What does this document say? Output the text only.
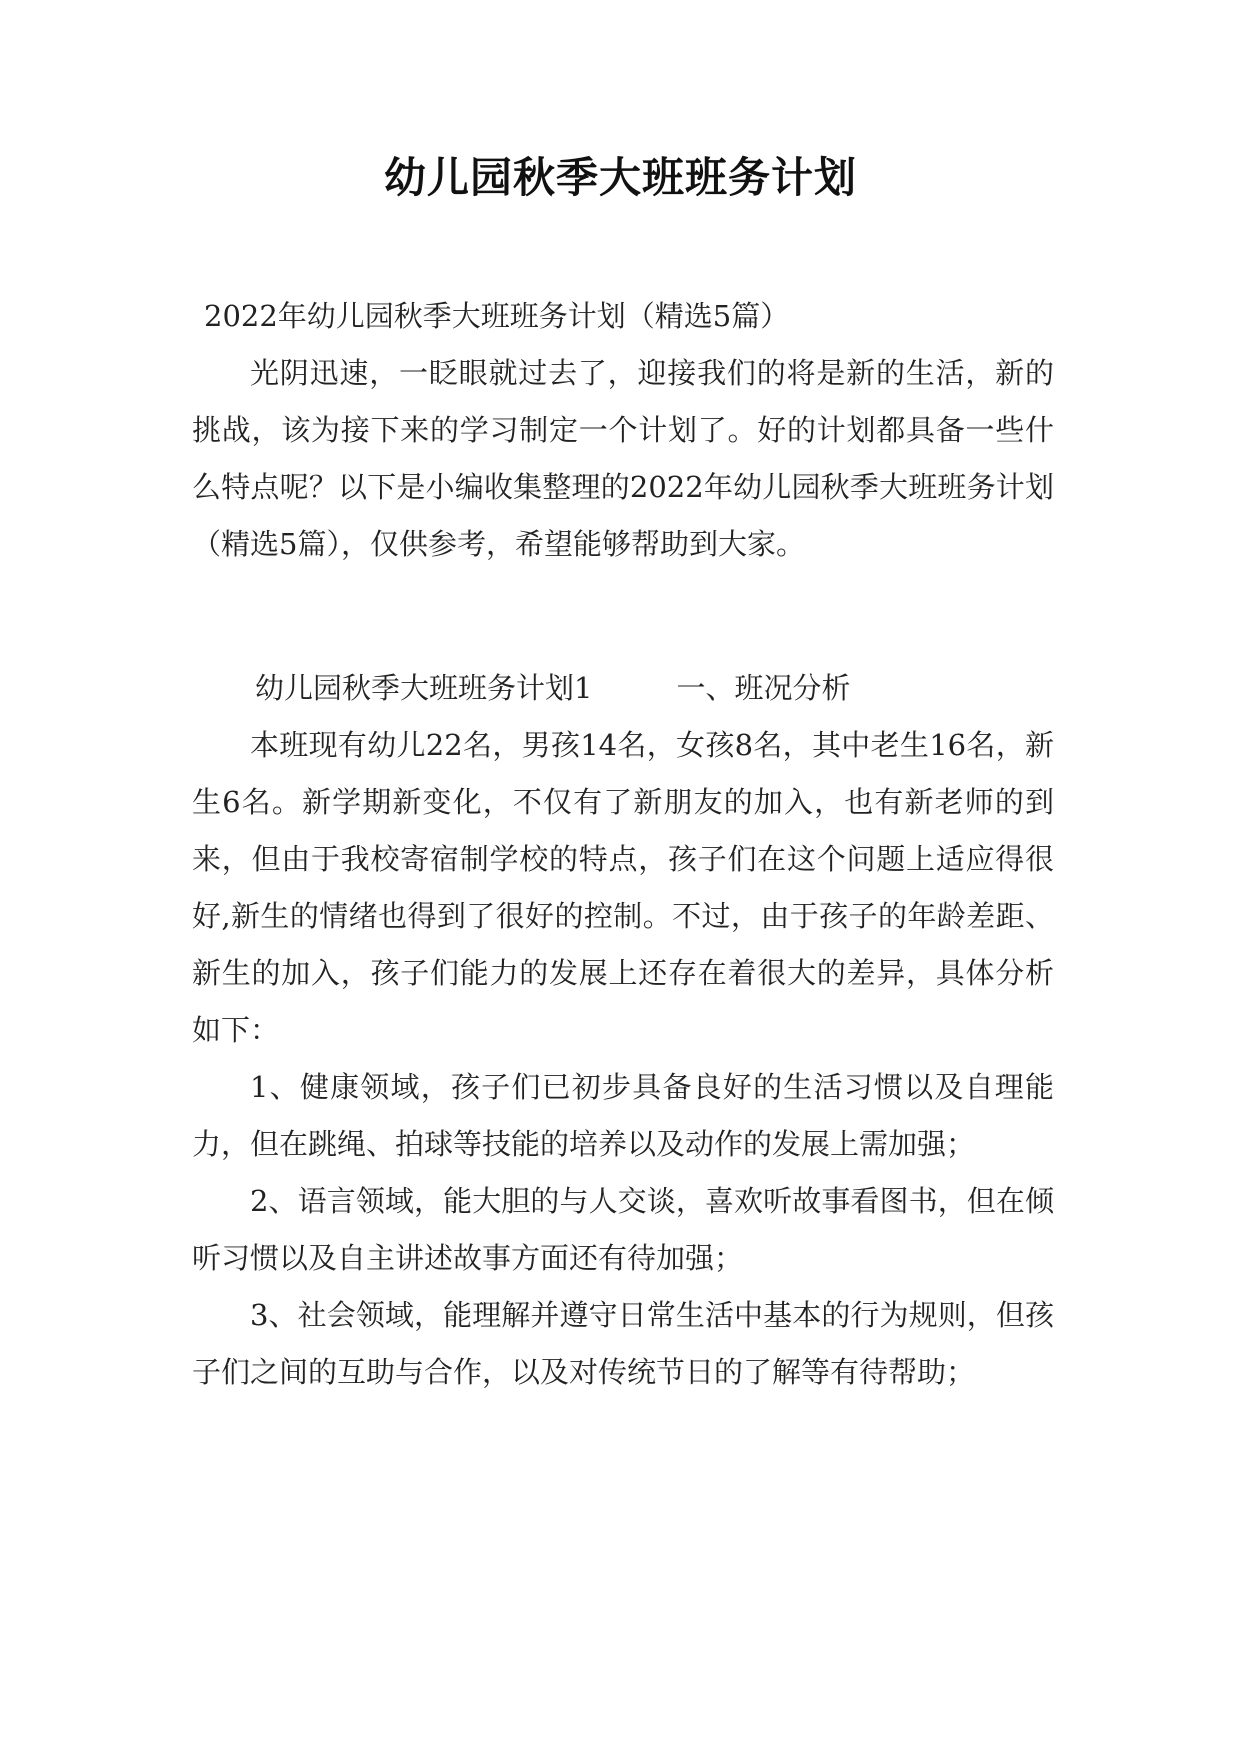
幼儿园秋季大班班务计划

2022年幼儿园秋季大班班务计划（精选5篇）

光阴迅速，一眨眼就过去了，迎接我们的将是新的生活，新的挑战，该为接下来的学习制定一个计划了。好的计划都具备一些什么特点呢？以下是小编收集整理的2022年幼儿园秋季大班班务计划（精选5篇），仅供参考，希望能够帮助到大家。

幼儿园秋季大班班务计划1	一、班况分析

本班现有幼儿22名，男孩14名，女孩8名，其中老生16名，新生6名。新学期新变化，不仅有了新朋友的加入，也有新老师的到来，但由于我校寄宿制学校的特点，孩子们在这个问题上适应得很好,新生的情绪也得到了很好的控制。不过，由于孩子的年龄差距、新生的加入，孩子们能力的发展上还存在着很大的差异，具体分析如下：

1、健康领域，孩子们已初步具备良好的生活习惯以及自理能力，但在跳绳、拍球等技能的培养以及动作的发展上需加强；

2、语言领域，能大胆的与人交谈，喜欢听故事看图书，但在倾听习惯以及自主讲述故事方面还有待加强；

3、社会领域，能理解并遵守日常生活中基本的行为规则，但孩子们之间的互助与合作，以及对传统节日的了解等有待帮助；
